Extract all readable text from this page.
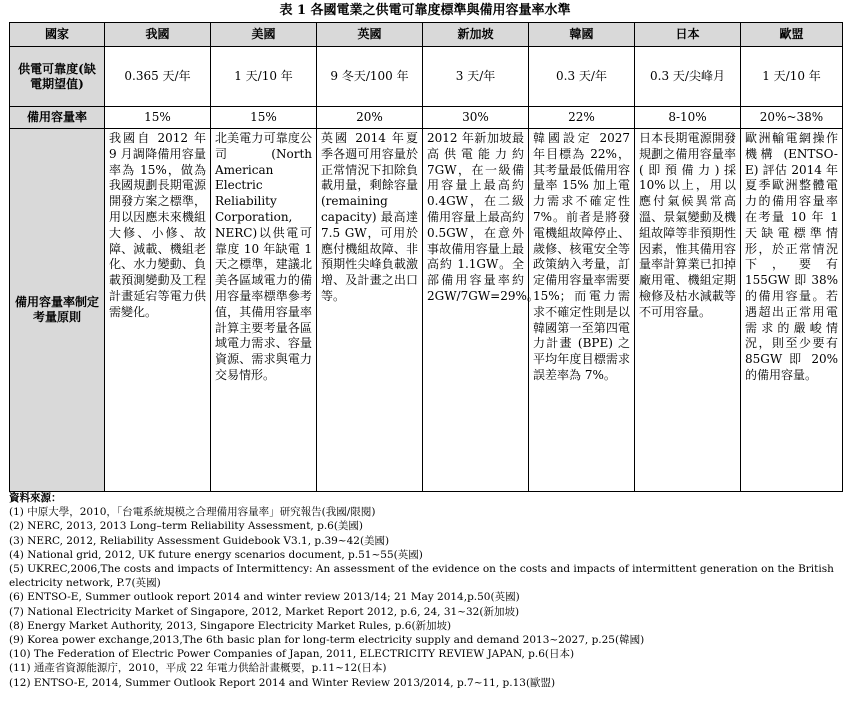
表 1 各國電業之供電可靠度標準與備用容量率水準
國家	我國	美國	英國	新加坡	韓國	日本	歐盟
供電可靠度(缺電期望值)	0.365 天/年	1 天/10 年	9 冬天/100 年	3 天/年	0.3 天/年	0.3 天/尖峰月	1 天/10 年
備用容量率	15%	15%	20%	30%	22%	8-10%	20%~38%
備用容量率制定考量原則	我國自 2012 年 9 月調降備用容量率為 15%，做為我國規劃長期電源開發方案之標準，用以因應未來機組大修、小修、故障、減載、機組老化、水力變動、負載預測變動及工程計畫延宕等電力供需變化。	北美電力可靠度公司 (North American Electric Reliability Corporation, NERC)以供電可靠度 10 年缺電 1 天之標準，建議北美各區域電力的備用容量率標準參考值，其備用容量率計算主要考量各區域電力需求、容量資源、需求與電力交易情形。	英國 2014 年夏季各週可用容量於正常情況下扣除負載用量，剩餘容量 (remaining capacity) 最高達 7.5 GW，可用於應付機組故障、非預期性尖峰負載激增、及計畫之出口等。	2012 年新加坡最高供電能力約 7GW，在一級備用容量上最高約 0.4GW，在二級備用容量上最高約 0.5GW，在意外事故備用容量上最高約 1.1GW。全部備用容量率約 2GW/7GW=29%。	韓國設定 2027 年目標為 22%，其考量最低備用容量率 15% 加上電力需求不確定性 7%。前者是將發電機組故障停止、歲修、核電安全等政策納入考量，訂定備用容量率需要 15%；而電力需求不確定性則是以韓國第一至第四電力計畫 (BPE) 之平均年度目標需求誤差率為 7%。	日本長期電源開發規劃之備用容量率(即預備力)採 10%以上，用以應付氣候異常高溫、景氣變動及機組故障等非預期性因素，惟其備用容量率計算業已扣掉廠用電、機組定期檢修及枯水減載等不可用容量。	歐洲輸電網操作機構 (ENTSO-E) 評估 2014 年夏季歐洲整體電力的備用容量率在考量 10 年 1 天缺電標準情形，於正常情況下，要有 155GW 即 38% 的備用容量。若遇超出正常用電需求的嚴峻情況，則至少要有 85GW 即 20% 的備用容量。
資料來源：
(1) 中原大學，2010，「台電系統規模之合理備用容量率」研究報告(我國/限閱)
(2) NERC, 2013, 2013 Long–term Reliability Assessment, p.6(美國)
(3) NERC, 2012, Reliability Assessment Guidebook V3.1, p.39~42(美國)
(4) National grid, 2012, UK future energy scenarios document, p.51~55(英國)
(5) UKREC,2006,The costs and impacts of Intermittency: An assessment of the evidence on the costs and impacts of intermittent generation on the British electricity network, P.7(英國)
(6) ENTSO-E, Summer outlook report 2014 and winter review 2013/14; 21 May 2014,p.50(英國)
(7) National Electricity Market of Singapore, 2012, Market Report 2012, p.6, 24, 31~32(新加坡)
(8) Energy Market Authority, 2013, Singapore Electricity Market Rules, p.6(新加坡)
(9) Korea power exchange,2013,The 6th basic plan for long-term electricity supply and demand 2013~2027, p.25(韓國)
(10) The Federation of Electric Power Companies of Japan, 2011, ELECTRICITY REVIEW JAPAN, p.6(日本)
(11) 通產省資源能源庁，2010，平成 22 年電力供給計畫概要，p.11~12(日本)
(12) ENTSO-E, 2014, Summer Outlook Report 2014 and Winter Review 2013/2014, p.7~11, p.13(歐盟)
